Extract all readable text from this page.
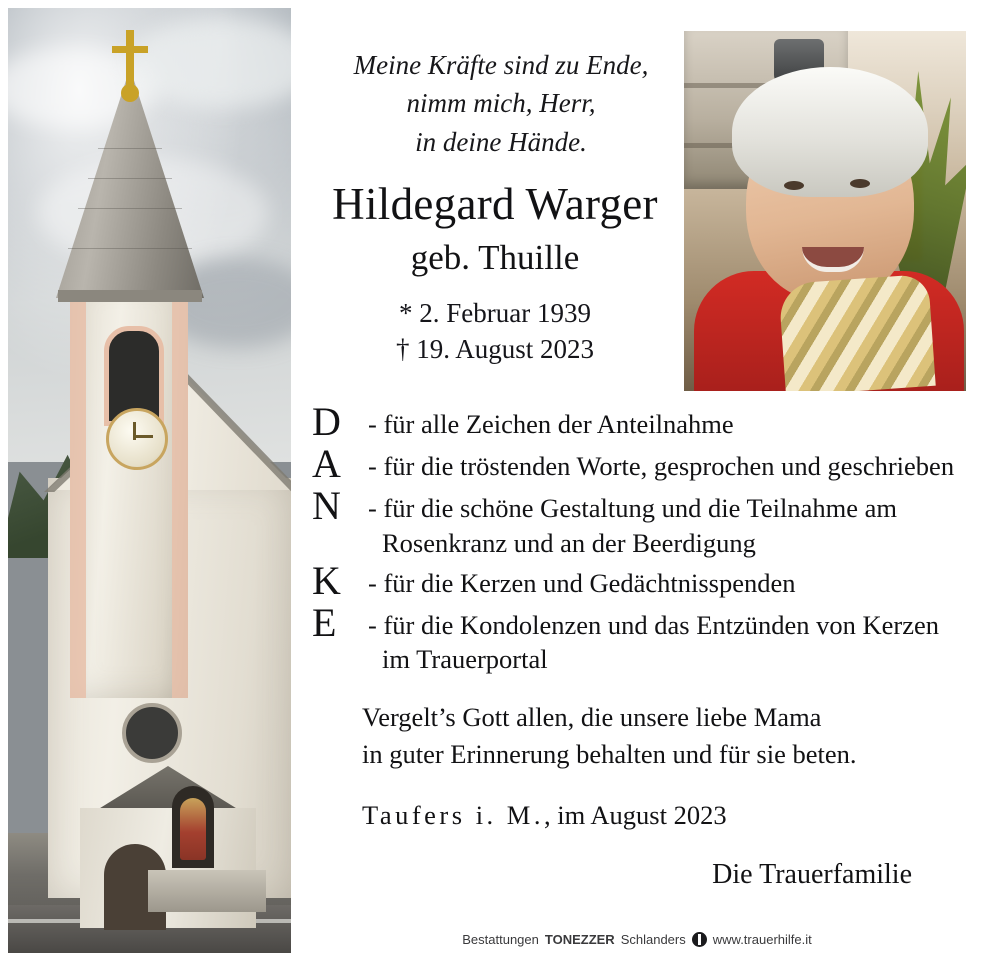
Meine Kräfte sind zu Ende,
nimm mich, Herr,
in deine Hände.
Hildegard Warger
geb. Thuille
* 2. Februar 1939
† 19. August 2023
D	- für alle Zeichen der Anteilnahme
A	- für die tröstenden Worte, gesprochen und geschrieben
N	- für die schöne Gestaltung und die Teilnahme am
Rosenkranz und an der Beerdigung
K	- für die Kerzen und Gedächtnisspenden
E	- für die Kondolenzen und das Entzünden von Kerzen
im Trauerportal
Vergelt’s Gott allen, die unsere liebe Mama
in guter Erinnerung behalten und für sie beten.
Taufers i. M., im August 2023
Die Trauerfamilie
Bestattungen TONEZZER Schlanders www.trauerhilfe.it
